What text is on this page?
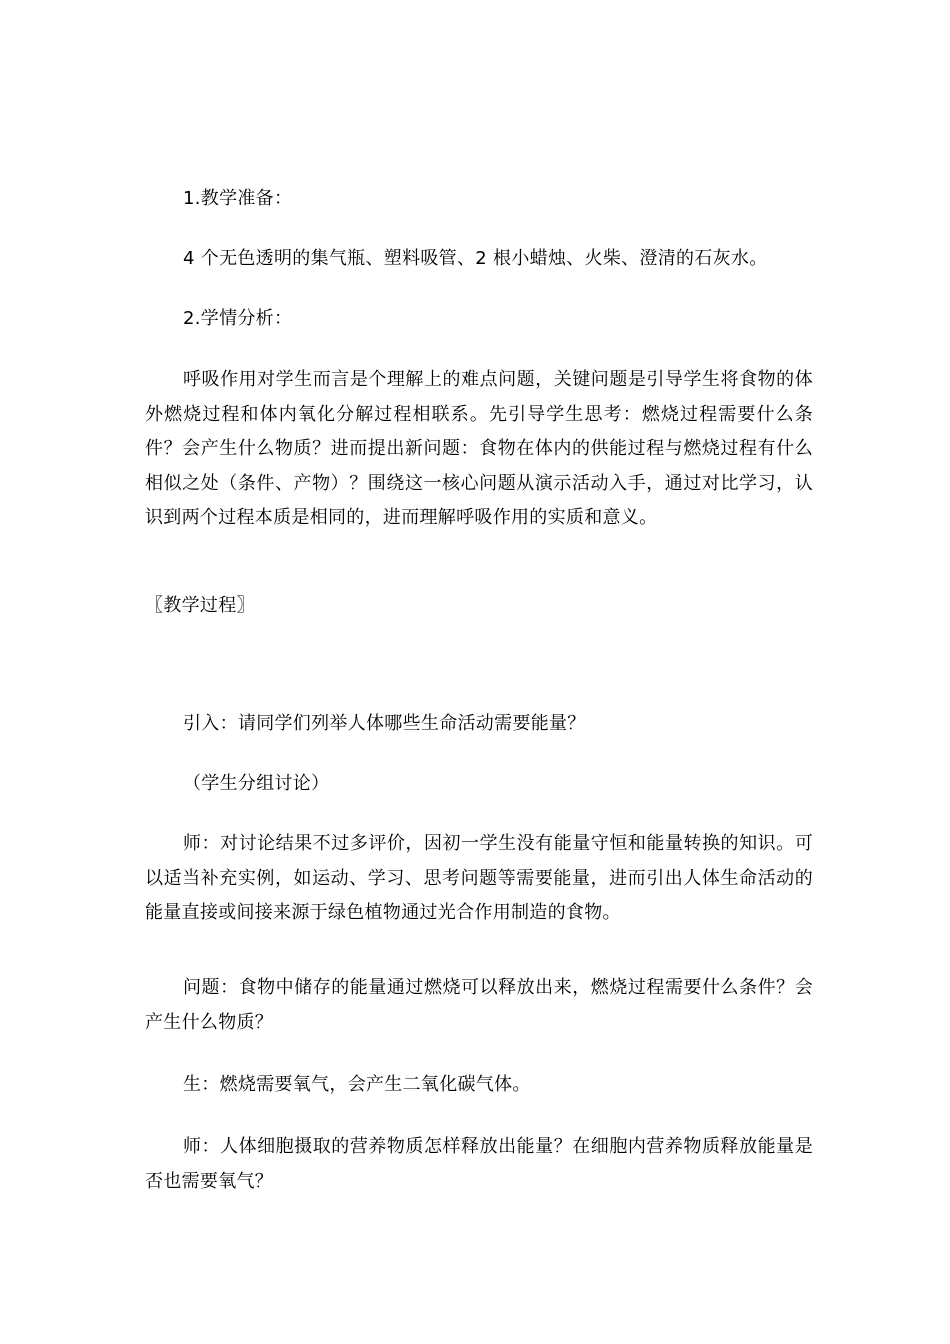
1.教学准备：
4 个无色透明的集气瓶、塑料吸管、2 根小蜡烛、火柴、澄清的石灰水。
2.学情分析：
呼吸作用对学生而言是个理解上的难点问题，关键问题是引导学生将食物的体外燃烧过程和体内氧化分解过程相联系。先引导学生思考：燃烧过程需要什么条件？会产生什么物质？进而提出新问题：食物在体内的供能过程与燃烧过程有什么相似之处（条件、产物）？围绕这一核心问题从演示活动入手，通过对比学习，认识到两个过程本质是相同的，进而理解呼吸作用的实质和意义。
〖教学过程〗
引入：请同学们列举人体哪些生命活动需要能量？
（学生分组讨论）
师：对讨论结果不过多评价，因初一学生没有能量守恒和能量转换的知识。可以适当补充实例，如运动、学习、思考问题等需要能量，进而引出人体生命活动的能量直接或间接来源于绿色植物通过光合作用制造的食物。
问题：食物中储存的能量通过燃烧可以释放出来，燃烧过程需要什么条件？会产生什么物质？
生：燃烧需要氧气，会产生二氧化碳气体。
师：人体细胞摄取的营养物质怎样释放出能量？在细胞内营养物质释放能量是否也需要氧气？
